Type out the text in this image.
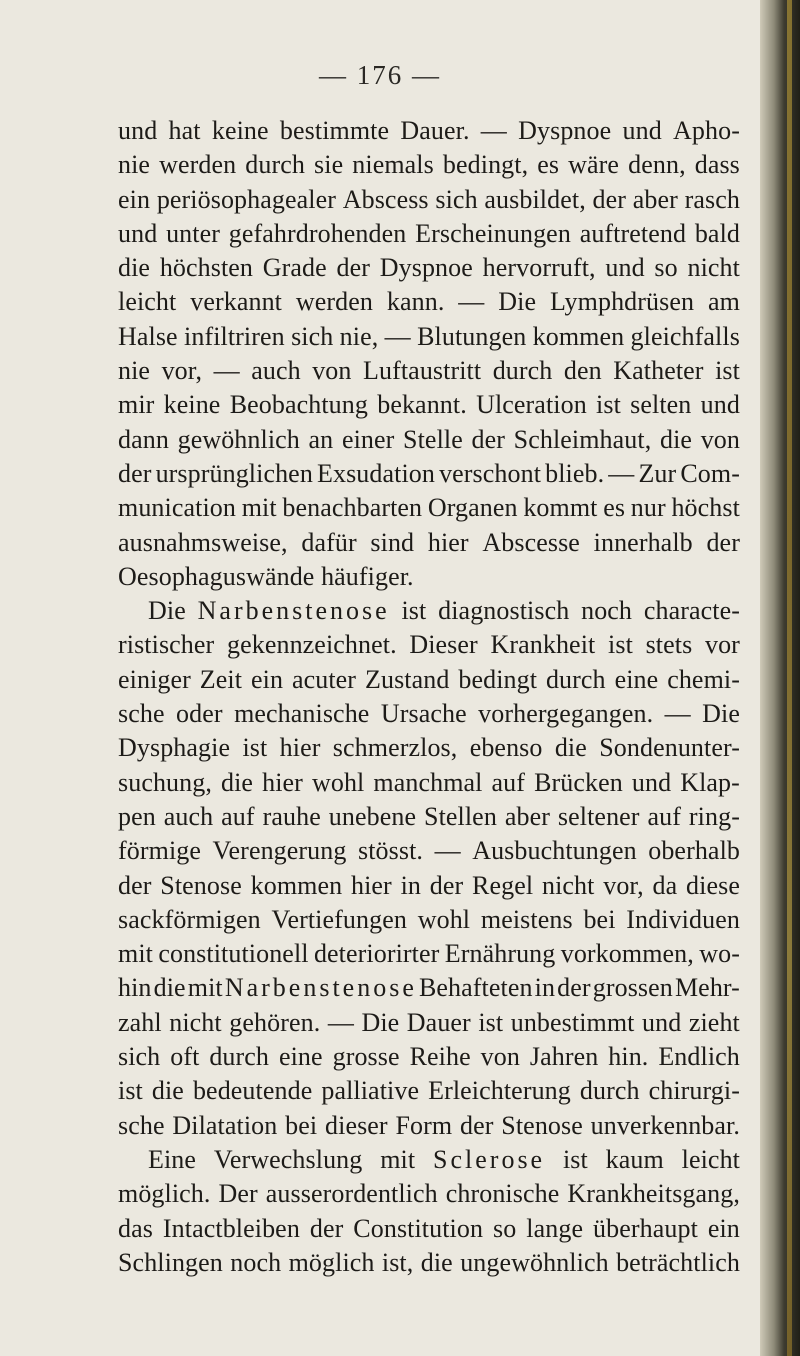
— 176 —
und hat keine bestimmte Dauer. — Dyspnoe und Apho-
nie werden durch sie niemals bedingt, es wäre denn, dass
ein periösophagealer Abscess sich ausbildet, der aber rasch
und unter gefahrdrohenden Erscheinungen auftretend bald
die höchsten Grade der Dyspnoe hervorruft, und so nicht
leicht verkannt werden kann. — Die Lymphdrüsen am
Halse infiltriren sich nie, — Blutungen kommen gleichfalls
nie vor, — auch von Luftaustritt durch den Katheter ist
mir keine Beobachtung bekannt. Ulceration ist selten und
dann gewöhnlich an einer Stelle der Schleimhaut, die von
der ursprünglichen Exsudation verschont blieb. — Zur Com-
munication mit benachbarten Organen kommt es nur höchst
ausnahmsweise, dafür sind hier Abscesse innerhalb der
Oesophaguswände
häufiger.
Die Narbenstenose ist diagnostisch noch characte-
ristischer gekennzeichnet. Dieser Krankheit ist stets vor
einiger Zeit ein acuter Zustand bedingt durch eine chemi-
sche oder mechanische Ursache vorhergegangen. — Die
Dysphagie ist hier schmerzlos, ebenso die Sondenunter-
suchung, die hier wohl manchmal auf Brücken und Klap-
pen auch auf rauhe unebene Stellen aber seltener auf ring-
förmige Verengerung stösst. — Ausbuchtungen oberhalb
der Stenose kommen hier in der Regel nicht vor, da diese
sackförmigen Vertiefungen wohl meistens bei Individuen
mit constitutionell deteriorirter Ernährung vorkommen, wo-
hin die mit Narbenstenose Behafteten in der grossen Mehr-
zahl nicht gehören. — Die Dauer ist unbestimmt und zieht
sich oft durch eine grosse Reihe von Jahren hin. Endlich
ist die bedeutende palliative Erleichterung durch chirurgi-
sche Dilatation bei dieser Form der Stenose unverkennbar.
Eine Verwechslung mit Sclerose ist kaum leicht
möglich. Der ausserordentlich chronische Krankheitsgang,
das Intactbleiben der Constitution so lange überhaupt ein
Schlingen noch möglich ist, die ungewöhnlich beträchtlich
